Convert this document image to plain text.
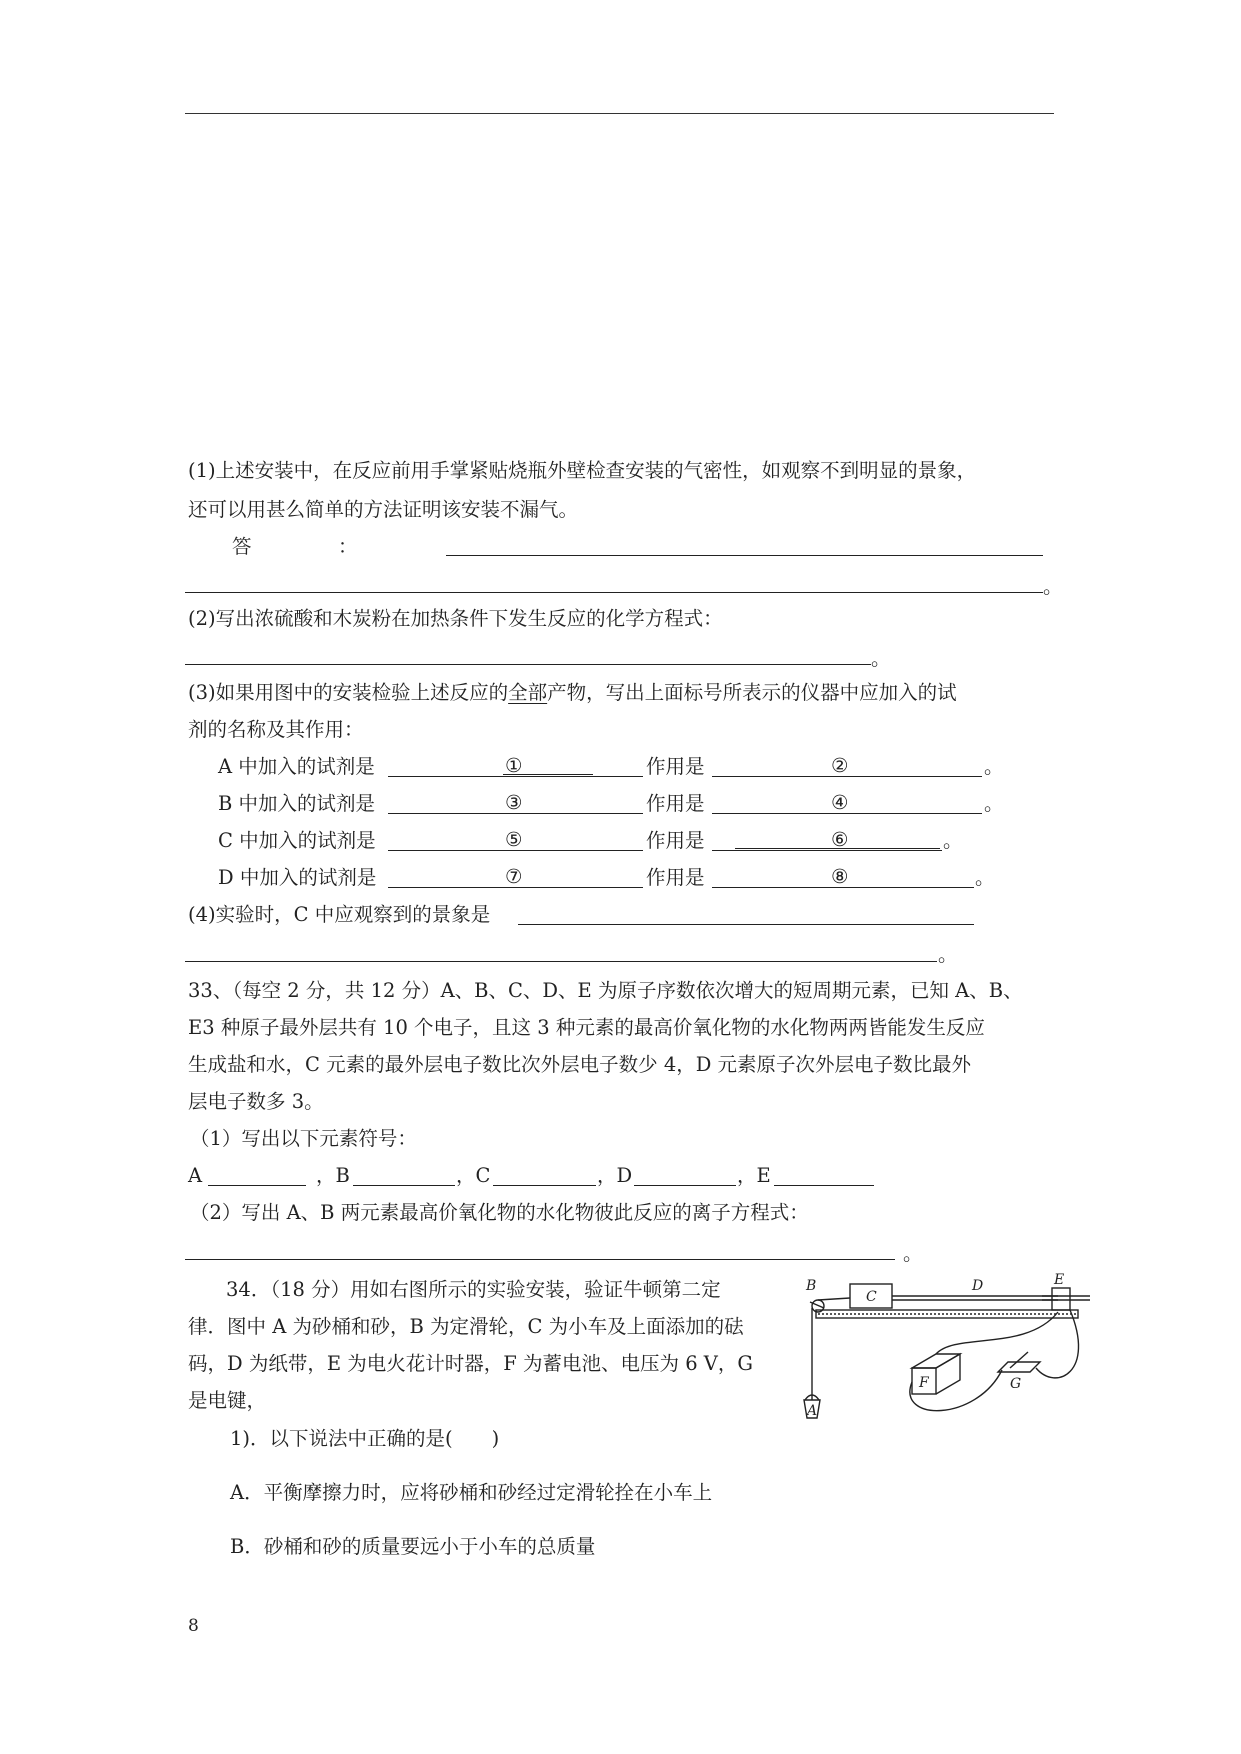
(1)上述安装中，在反应前用手掌紧贴烧瓶外壁检查安装的气密性，如观察不到明显的景象，
还可以用甚么简单的方法证明该安装不漏气。
答	：
。
(2)写出浓硫酸和木炭粉在加热条件下发生反应的化学方程式：
。
(3)如果用图中的安装检验上述反应的全部产物，写出上面标号所表示的仪器中应加入的试
剂的名称及其作用：
A 中加入的试剂是	①	作用是	②	。
B 中加入的试剂是	③	作用是	④	。
C 中加入的试剂是	⑤	作用是	⑥	。
D 中加入的试剂是	⑦	作用是	⑧	。
(4)实验时，C 中应观察到的景象是
。
33、（每空 2 分，共 12 分）A、B、C、D、E 为原子序数依次增大的短周期元素，已知 A、B、
E3 种原子最外层共有 10 个电子，且这 3 种元素的最高价氧化物的水化物两两皆能发生反应
生成盐和水，C 元素的最外层电子数比次外层电子数少 4，D 元素原子次外层电子数比最外
层电子数多 3。
（1）写出以下元素符号：
A	，B	，C	，D	，E
（2）写出 A、B 两元素最高价氧化物的水化物彼此反应的离子方程式：
。
34．（18 分）用如右图所示的实验安装，验证牛顿第二定
律．图中 A 为砂桶和砂，B 为定滑轮，C 为小车及上面添加的砝
码，D 为纸带，E 为电火花计时器，F 为蓄电池、电压为 6 V，G
是电键，
1)．以下说法中正确的是(　　)
A．平衡摩擦力时，应将砂桶和砂经过定滑轮拴在小车上
B．砂桶和砂的质量要远小于小车的总质量
B
C
D	E
A
F	G
8
